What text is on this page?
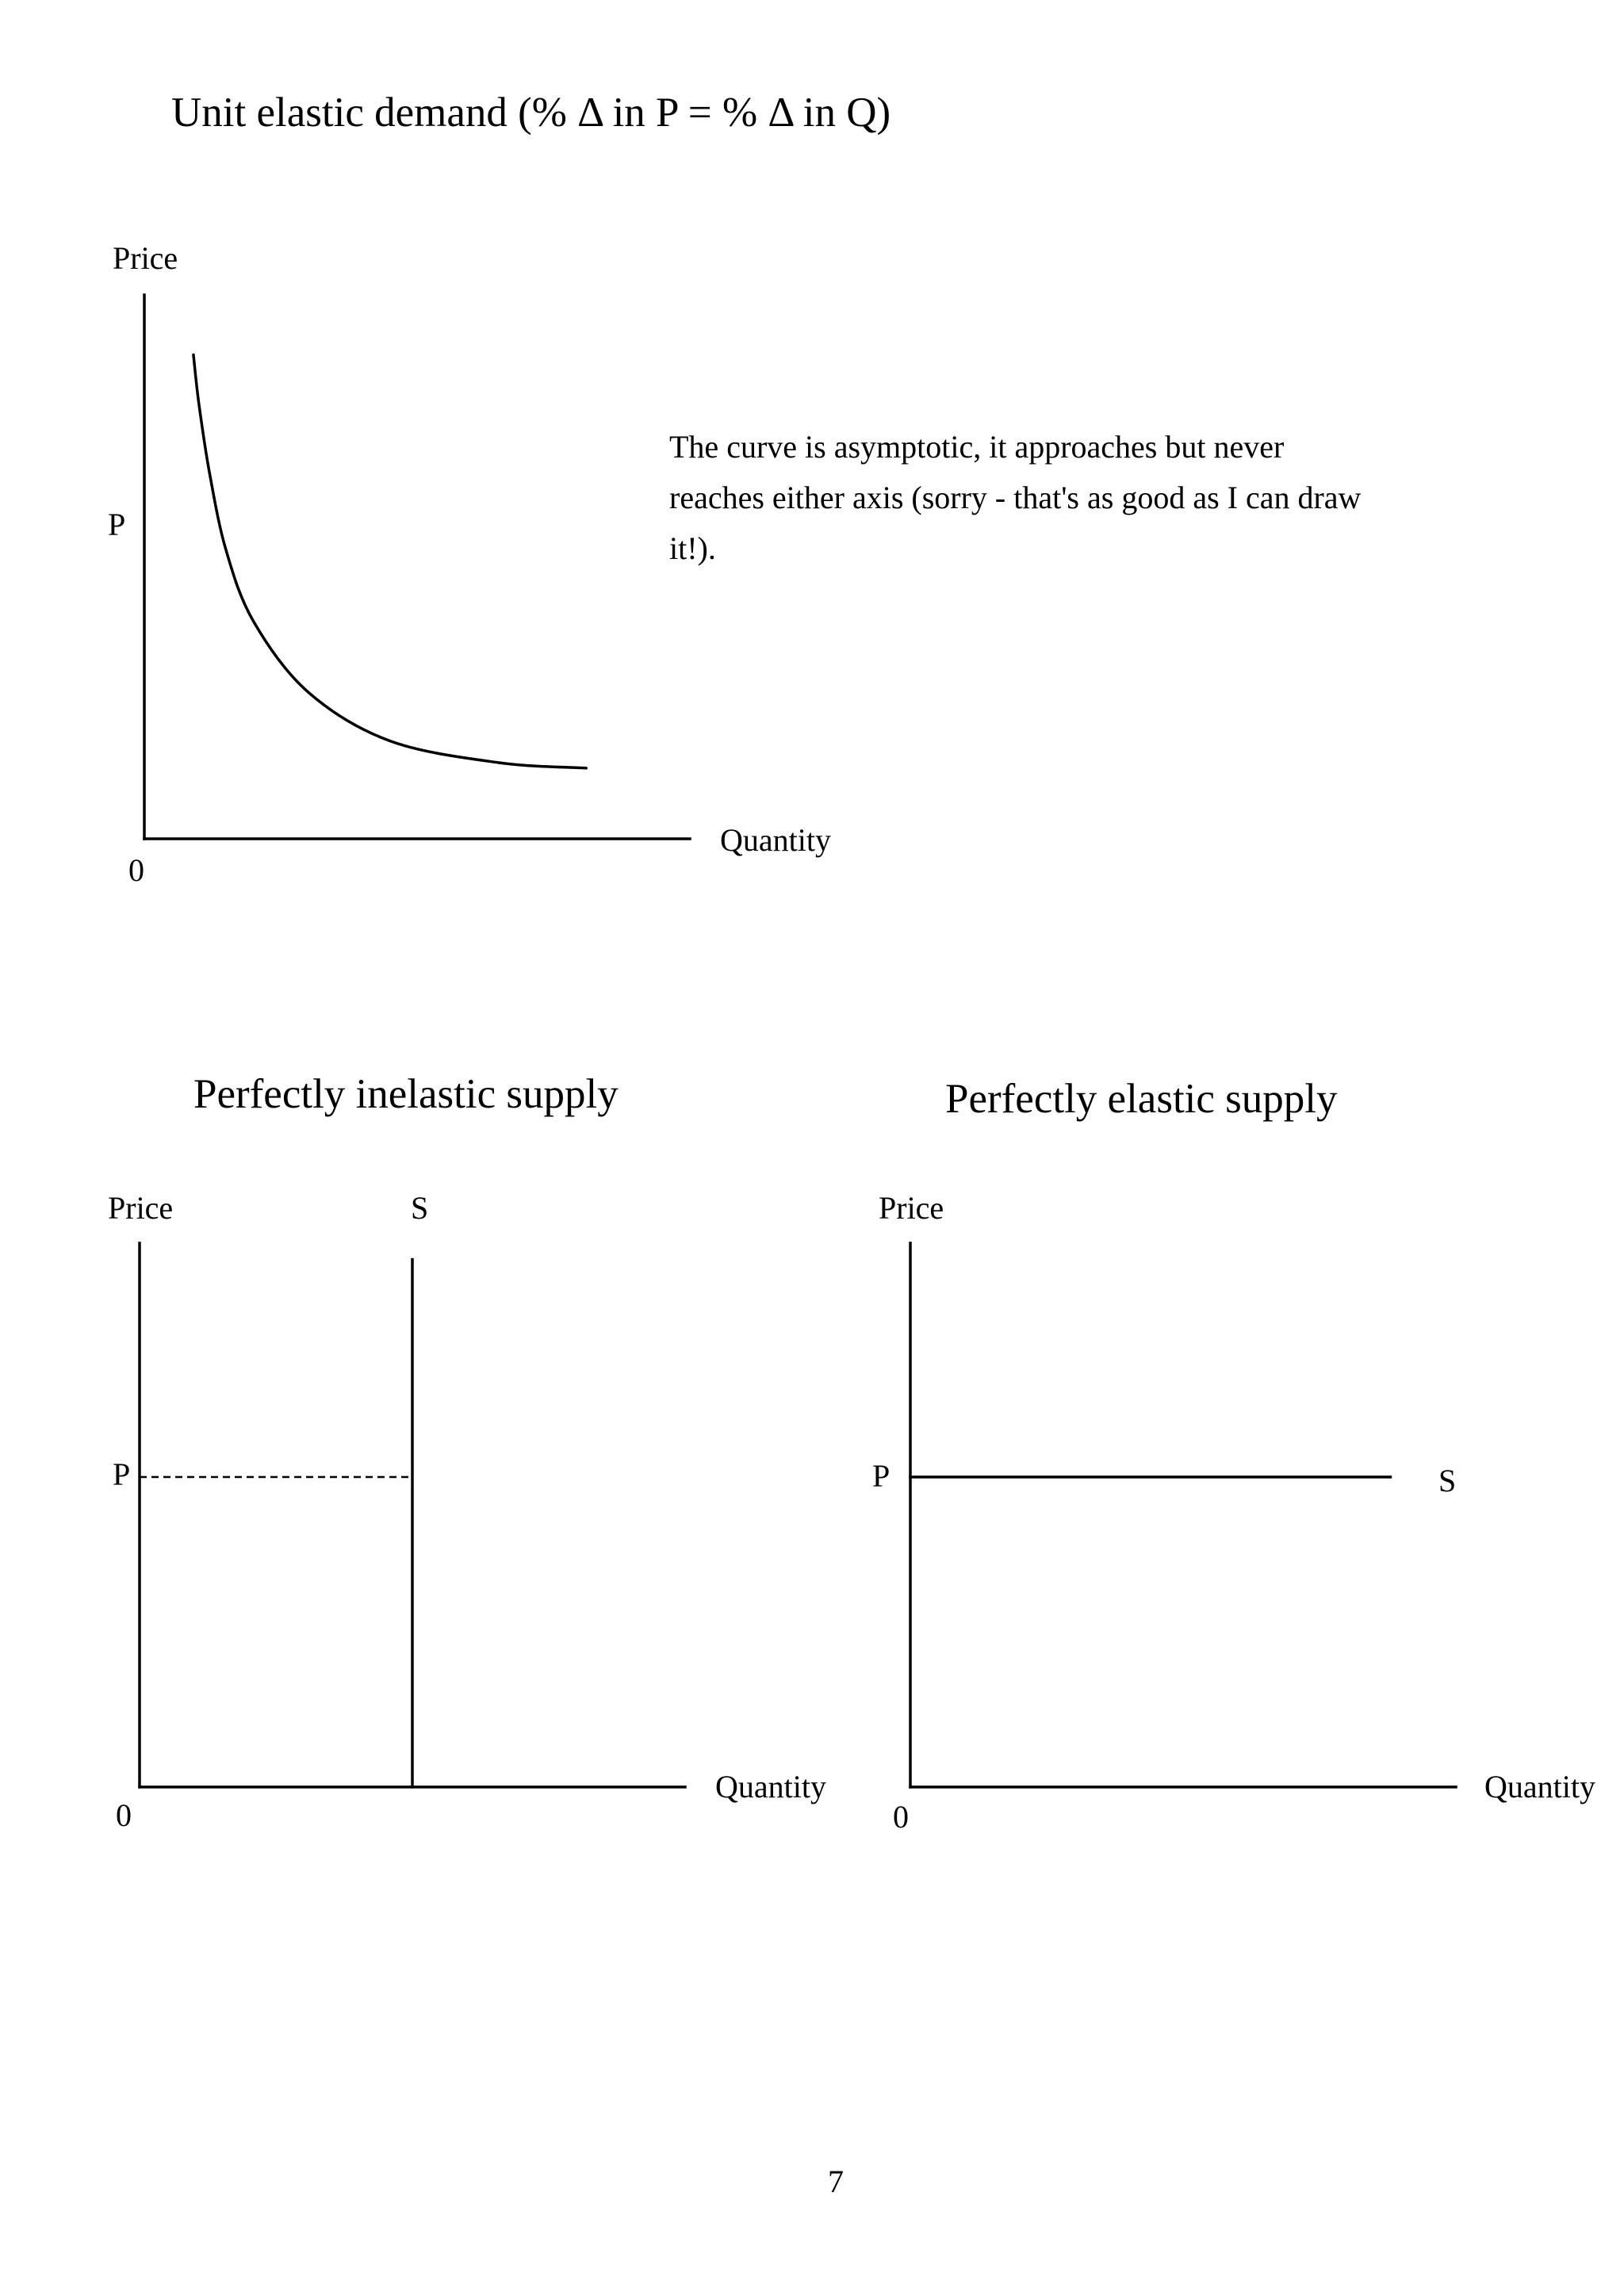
Unit elastic demand (% Δ in P = % Δ in Q)
Price
P
0
Quantity
The curve is asymptotic, it approaches but never reaches either axis (sorry - that's as good as I can draw it!).
Perfectly inelastic supply
Price	S
P
0
Quantity
Perfectly elastic supply
Price
P	S
0
Quantity
7
